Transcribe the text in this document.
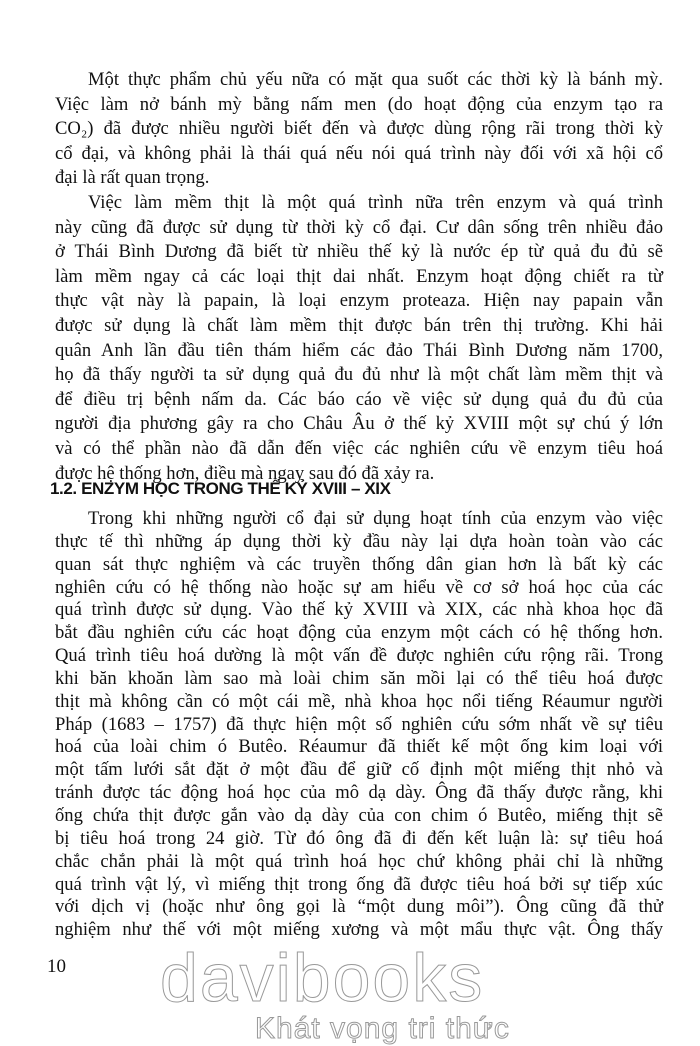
Một thực phẩm chủ yếu nữa có mặt qua suốt các thời kỳ là bánh mỳ.
Việc làm nở bánh mỳ bằng nấm men (do hoạt động của enzym tạo ra
CO₂) đã được nhiều người biết đến và được dùng rộng rãi trong thời kỳ
cổ đại, và không phải là thái quá nếu nói quá trình này đối với xã hội cổ
đại là rất quan trọng.
Việc làm mềm thịt là một quá trình nữa trên enzym và quá trình
này cũng đã được sử dụng từ thời kỳ cổ đại. Cư dân sống trên nhiều đảo
ở Thái Bình Dương đã biết từ nhiều thế kỷ là nước ép từ quả đu đủ sẽ
làm mềm ngay cả các loại thịt dai nhất. Enzym hoạt động chiết ra từ
thực vật này là papain, là loại enzym proteaza. Hiện nay papain vẫn
được sử dụng là chất làm mềm thịt được bán trên thị trường. Khi hải
quân Anh lần đầu tiên thám hiểm các đảo Thái Bình Dương năm 1700,
họ đã thấy người ta sử dụng quả đu đủ như là một chất làm mềm thịt và
để điều trị bệnh nấm da. Các báo cáo về việc sử dụng quả đu đủ của
người địa phương gây ra cho Châu Âu ở thế kỷ XVIII một sự chú ý lớn
và có thể phần nào đã dẫn đến việc các nghiên cứu về enzym tiêu hoá
được hệ thống hơn, điều mà ngay sau đó đã xảy ra.
1.2. ENZYM HỌC TRONG THẾ KỶ XVIII – XIX
Trong khi những người cổ đại sử dụng hoạt tính của enzym vào việc
thực tế thì những áp dụng thời kỳ đầu này lại dựa hoàn toàn vào các
quan sát thực nghiệm và các truyền thống dân gian hơn là bất kỳ các
nghiên cứu có hệ thống nào hoặc sự am hiểu về cơ sở hoá học của các
quá trình được sử dụng. Vào thế kỷ XVIII và XIX, các nhà khoa học đã
bắt đầu nghiên cứu các hoạt động của enzym một cách có hệ thống hơn.
Quá trình tiêu hoá dường là một vấn đề được nghiên cứu rộng rãi. Trong
khi băn khoăn làm sao mà loài chim săn mồi lại có thể tiêu hoá được
thịt mà không cần có một cái mề, nhà khoa học nổi tiếng Réaumur người
Pháp (1683 – 1757) đã thực hiện một số nghiên cứu sớm nhất về sự tiêu
hoá của loài chim ó Butêo. Réaumur đã thiết kế một ống kim loại với
một tấm lưới sắt đặt ở một đầu để giữ cố định một miếng thịt nhỏ và
tránh được tác động hoá học của mô dạ dày. Ông đã thấy được rằng, khi
ống chứa thịt được gắn vào dạ dày của con chim ó Butêo, miếng thịt sẽ
bị tiêu hoá trong 24 giờ. Từ đó ông đã đi đến kết luận là: sự tiêu hoá
chắc chắn phải là một quá trình hoá học chứ không phải chỉ là những
quá trình vật lý, vì miếng thịt trong ống đã được tiêu hoá bởi sự tiếp xúc
với dịch vị (hoặc như ông gọi là “một dung môi”). Ông cũng đã thử
nghiệm như thế với một miếng xương và một mẩu thực vật. Ông thấy
10 davibooks
Khát vọng tri thức
